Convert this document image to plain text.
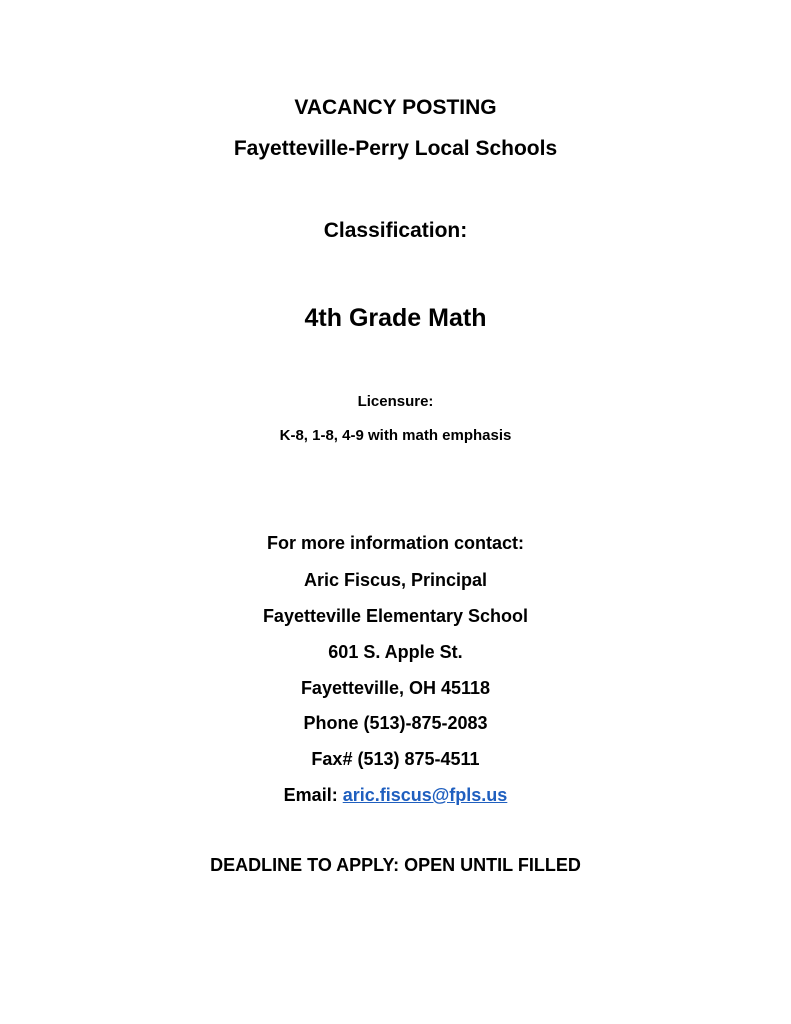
VACANCY POSTING
Fayetteville-Perry Local Schools
Classification:
4th Grade Math
Licensure:
K-8, 1-8, 4-9 with math emphasis
For more information contact:
Aric Fiscus, Principal
Fayetteville Elementary School
601 S. Apple St.
Fayetteville, OH 45118
Phone (513)-875-2083
Fax# (513) 875-4511
Email: aric.fiscus@fpls.us
DEADLINE TO APPLY: OPEN UNTIL FILLED
